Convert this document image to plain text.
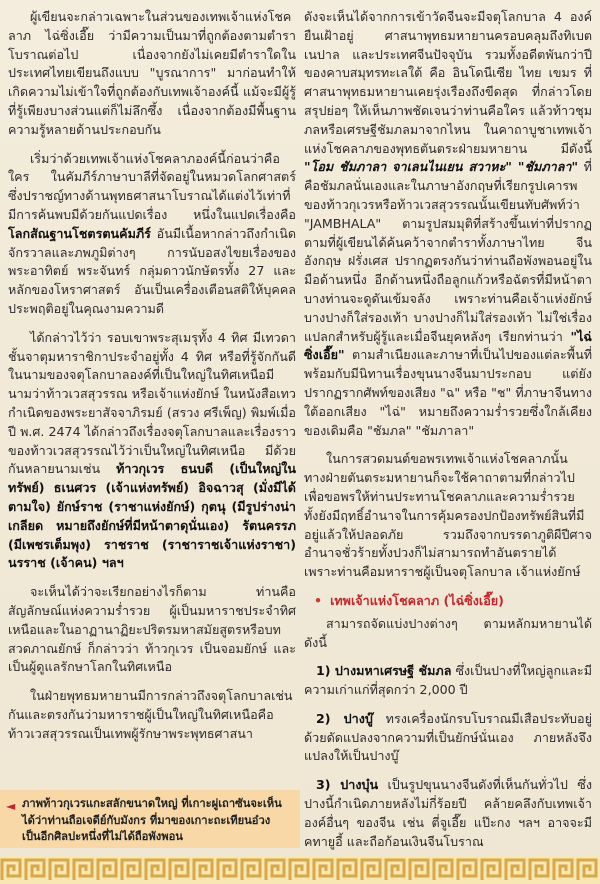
ผู้เขียนจะกล่าวเฉพาะในส่วนของเทพเจ้าแห่งโชคลาภ ไฉ่ซิ่งเอี๊ย ว่ามีความเป็นมาที่ถูกต้องตามตำราโบราณต่อไป เนื่องจากยังไม่เคยมีตำราใดในประเทศไทยเขียนถึงแบบ "บูรณาการ" มาก่อนทำให้เกิดความไม่เข้าใจที่ถูกต้องกับเทพเจ้าองค์นี้ แม้จะมีผู้รู้ที่รู้เพียงบางส่วนแต่ก็ไม่ลึกซึ้ง เนื่องจากต้องมีพื้นฐานความรู้หลายด้านประกอบกัน

เริ่มว่าด้วยเทพเจ้าแห่งโชคลาภองค์นี้ก่อนว่าคือใคร ในคัมภีร์ภาษาบาลีที่จัดอยู่ในหมวดโลกศาสตร์ ซึ่งปราชญ์ทางด้านพุทธศาสนาโบราณได้แต่งไว้เท่าที่มีการค้นพบมีด้วยกันแปดเรื่อง หนึ่งในแปดเรื่องคือ โลกสัณฐานโชตรตนคัมภีร์ อันมีเนื้อหากล่าวถึงกำเนิดจักรวาลและภพภูมิต่างๆ การนับอสงไขยเรื่องของพระอาทิตย์ พระจันทร์ กลุ่มดาวนักษัตรทั้ง 27 และหลักของโหราศาสตร์ อันเป็นเครื่องเตือนสติให้บุคคลประพฤติอยู่ในคุณงามความดี

ได้กล่าวไว้ว่า รอบเขาพระสุเมรุทั้ง 4 ทิศ มีเทวดาชั้นจาตุมหาราชิกาประจำอยู่ทั้ง 4 ทิศ หรือที่รู้จักกันดีในนามของจตุโลกบาลองค์ที่เป็นใหญ่ในทิศเหนือมีนามว่าท้าวเวสสุวรรณ หรือเจ้าแห่งยักษ์ ในหนังสือเทวกำเนิดของพระยาสัจจาภิรมย์ (สรวง ศรีเพ็ญ) พิมพ์เมื่อปี พ.ศ. 2474 ได้กล่าวถึงเรื่องจตุโลกบาลและเรื่องราวของท้าวเวสสุวรรณไว้ว่าเป็นใหญ่ในทิศเหนือ มีด้วยกันหลายนามเช่น ท้าวกุเวร ธนบดี (เป็นใหญ่ในทรัพย์) ธเนศวร (เจ้าแห่งทรัพย์) อิจฉาวสุ (มั่งมีได้ตามใจ) ยักษ์ราช (ราชาแห่งยักษ์) กุตนุ (มีรูปร่างน่าเกลียด หมายถึงยักษ์ที่มีหน้าตาดุนั่นเอง) รัตนครรภ (มีเพชรเต็มพุง) ราชราช (ราชาราชเจ้าแห่งราชา) นรราช (เจ้าคน) ฯลฯ

จะเห็นได้ว่าจะเรียกอย่างไรก็ตาม ท่านคือสัญลักษณ์แห่งความร่ำรวย ผู้เป็นมหาราชประจำทิศเหนือและในอาฏานาฏิยะปริตรมหาสมัยสูตรหรือบทสวดภาณยักษ์ ก็กล่าวว่า ท้าวกุเวร เป็นจอมยักษ์ และเป็นผู้ดูแลรักษาโลกในทิศเหนือ

ในฝ่ายพุทธมหายานมีการกล่าวถึงจตุโลกบาลเช่นกันและตรงกันว่ามหาราชผู้เป็นใหญ่ในทิศเหนือคือท้าวเวสสุวรรณเป็นเทพผู้รักษาพระพุทธศาสนา

◄ ภาพท้าวกุเวรแกะสลักขนาดใหญ่ ที่เกาะผู่เถาซันจะเห็นได้ว่าท่านถือเจดีย์กับมังกร ที่มาของเกาะถะเทียนอ๋วง เป็นอีกศิลปะหนึ่งที่ไม่ได้ถือพังพอน

ดังจะเห็นได้จากการเข้าวัดจีนจะมีจตุโลกบาล 4 องค์ยืนเฝ้าอยู่ ศาสนาพุทธมหายานครอบคลุมถึงทิเบต เนปาล และประเทศจีนปัจจุบัน รวมทั้งอดีตพันกว่าปีของคาบสมุทรทะเลใต้ คือ อินโดนีเซีย ไทย เขมร ที่ศาสนาพุทธมหายานเคยรุ่งเรืองถึงขีดสุด ที่กล่าวโดยสรุปย่อๆ ให้เห็นภาพชัดเจนว่าท่านคือใคร แล้วท้าวชุมภลหรือเศรษฐีชัมภลมาจากไหน ในคาถาบูชาเทพเจ้าแห่งโชคลาภของพุทธตันตระฝ่ายมหายาน มีดังนี้ "โอม ชัมภาลา จาเลนไนเยน สวาหะ" "ชัมภาลา" ที่คือชัมภลนั่นเองและในภาษาอังกฤษที่เรียกรูปเคารพของท้าวกุเวรหรือท้าวเวสสุวรรณนั้นเขียนทับศัพท์ว่า "JAMBHALA" ตามรูปสมมุติที่สร้างขึ้นเท่าที่ปรากฏตามที่ผู้เขียนได้ค้นคว้าจากตำราทั้งภาษาไทย จีน อังกฤษ ฝรั่งเศส ปรากฏตรงกันว่าท่านถือพังพอนอยู่ในมือด้านหนึ่ง อีกด้านหนึ่งถือลูกแก้วหรือฉัตรที่มีหน้าตาบางท่านจะดูดันเข้มจลัง เพราะท่านคือเจ้าแห่งยักษ์ บางปางก็ใส่รองเท้า บางปางก็ไม่ใส่รองเท้า ไม่ใช่เรื่องแปลกสำหรับผู้รู้และเมื่อจีนยุคหลังๆ เรียกท่านว่า "ไฉ่ซิ่งเอี๊ย" ตามสำเนียงและภาษาที่เป็นไปของแต่ละพื้นที่ พร้อมกับมีนิทานเรื่องขุนนางจีนมาประกอบ แต่ยังปรากฏรากศัพท์ของเสียง "ฉ" หรือ "ช" ที่ภาษาจีนทางใต้ออกเสียง "ไฉ่" หมายถึงความร่ำรวยซึ่งใกล้เคียงของเดิมคือ "ชัมภล" "ชัมภาลา"

ในการสวดมนต์ขอพรเทพเจ้าแห่งโชคลาภนั้น ทางฝ่ายตันตระมหายานก็จะใช้คาถาตามที่กล่าวไป เพื่อขอพรให้ท่านประทานโชคลาภและความร่ำรวย ทั้งยังมีฤทธิ์อำนาจในการคุ้มครองปกป้องทรัพย์สินที่มีอยู่แล้วให้ปลอดภัย รวมถึงจากบรรดาภูติผีปีศาจ อำนาจชั่วร้ายทั้งปวงก็ไม่สามารถทำอันตรายได้ เพราะท่านคือมหาราชผู้เป็นจตุโลกบาล เจ้าแห่งยักษ์

• เทพเจ้าแห่งโชคลาภ (ไฉ่ซิ่งเอี๊ย)

สามารถจัดแบ่งปางต่างๆ ตามหลักมหายานได้ดังนี้

1) ปางมหาเศรษฐี ชัมภล ซึ่งเป็นปางที่ใหญ่ลูกและมีความเก่าแก่ที่สุดกว่า 2,000 ปี

2) ปางบู๊ ทรงเครื่องนักรบโบราณมีเสือประทับอยู่ด้วยดัดแปลงจากความที่เป็นยักษ์นั่นเอง ภายหลังจึงแปลงให้เป็นปางบู๊

3) ปางบุ๋น เป็นรูปขุนนางจีนดังที่เห็นกันทั่วไป ซึ่งปางนี้กำเนิดภายหลังไม่กี่ร้อยปี คล้ายคลึงกับเทพเจ้าองค์อื่นๆ ของจีน เช่น ตี่จูเอี๊ย แป๊ะกง ฯลฯ อาจจะมีคทายูอี้ และถือก้อนเงินจีนโบราณ
